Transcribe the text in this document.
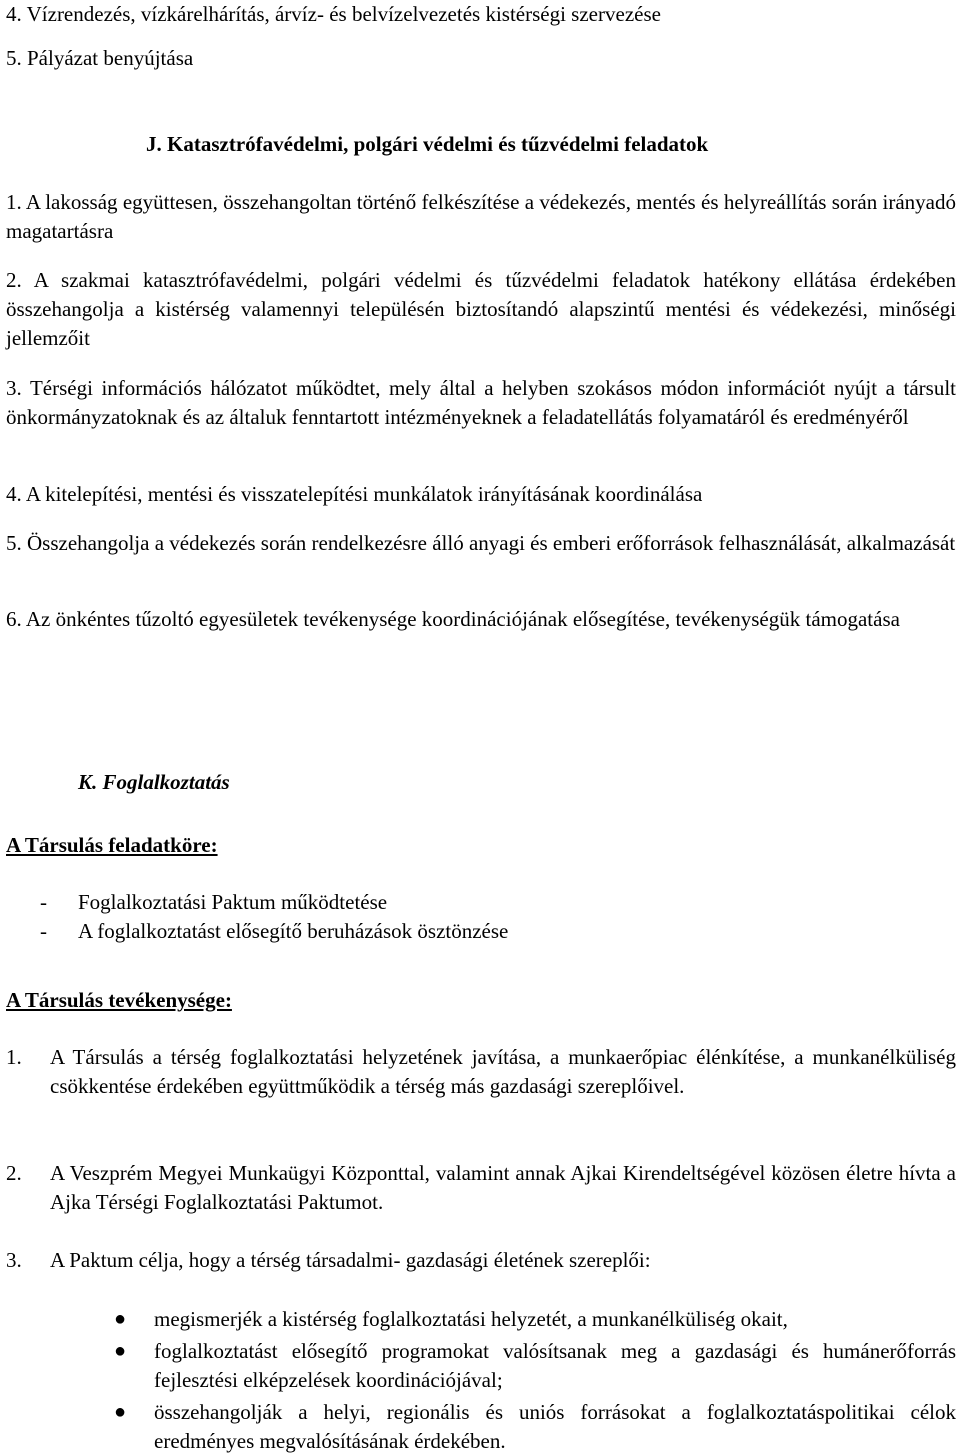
4. Vízrendezés, vízkárelhárítás, árvíz- és belvízelvezetés kistérségi szervezése

5. Pályázat benyújtása

J. Katasztrófavédelmi, polgári védelmi és tűzvédelmi feladatok

1. A lakosság együttesen, összehangoltan történő felkészítése a védekezés, mentés és helyreállítás során irányadó magatartásra

2. A szakmai katasztrófavédelmi, polgári védelmi és tűzvédelmi feladatok hatékony ellátása érdekében összehangolja a kistérség valamennyi településén biztosítandó alapszintű mentési és védekezési, minőségi jellemzőit

3. Térségi információs hálózatot működtet, mely által a helyben szokásos módon információt nyújt a társult önkormányzatoknak és az általuk fenntartott intézményeknek a feladatellátás folyamatáról és eredményéről

4. A kitelepítési, mentési és visszatelepítési munkálatok irányításának koordinálása

5. Összehangolja a védekezés során rendelkezésre álló anyagi és emberi erőforrások felhasználását, alkalmazását

6. Az önkéntes tűzoltó egyesületek tevékenysége koordinációjának elősegítése, tevékenységük támogatása

K. Foglalkoztatás

A Társulás feladatköre:

-	Foglalkoztatási Paktum működtetése
-	A foglalkoztatást elősegítő beruházások ösztönzése

A Társulás tevékenysége:

1.	A Társulás a térség foglalkoztatási helyzetének javítása, a munkaerőpiac élénkítése, a munkanélküliség csökkentése érdekében együttműködik a térség más gazdasági szereplőivel.
2.	A Veszprém Megyei Munkaügyi Központtal, valamint annak Ajkai Kirendeltségével közösen életre hívta a Ajka Térségi Foglalkoztatási Paktumot.
3.	A Paktum célja, hogy a térség társadalmi- gazdasági életének szereplői:
●	megismerjék a kistérség foglalkoztatási helyzetét, a munkanélküliség okait,
●	foglalkoztatást elősegítő programokat valósítsanak meg a gazdasági és humánerőforrás fejlesztési elképzelések koordinációjával;
●	összehangolják a helyi, regionális és uniós forrásokat a foglalkoztatáspolitikai célok eredményes megvalósításának érdekében.
